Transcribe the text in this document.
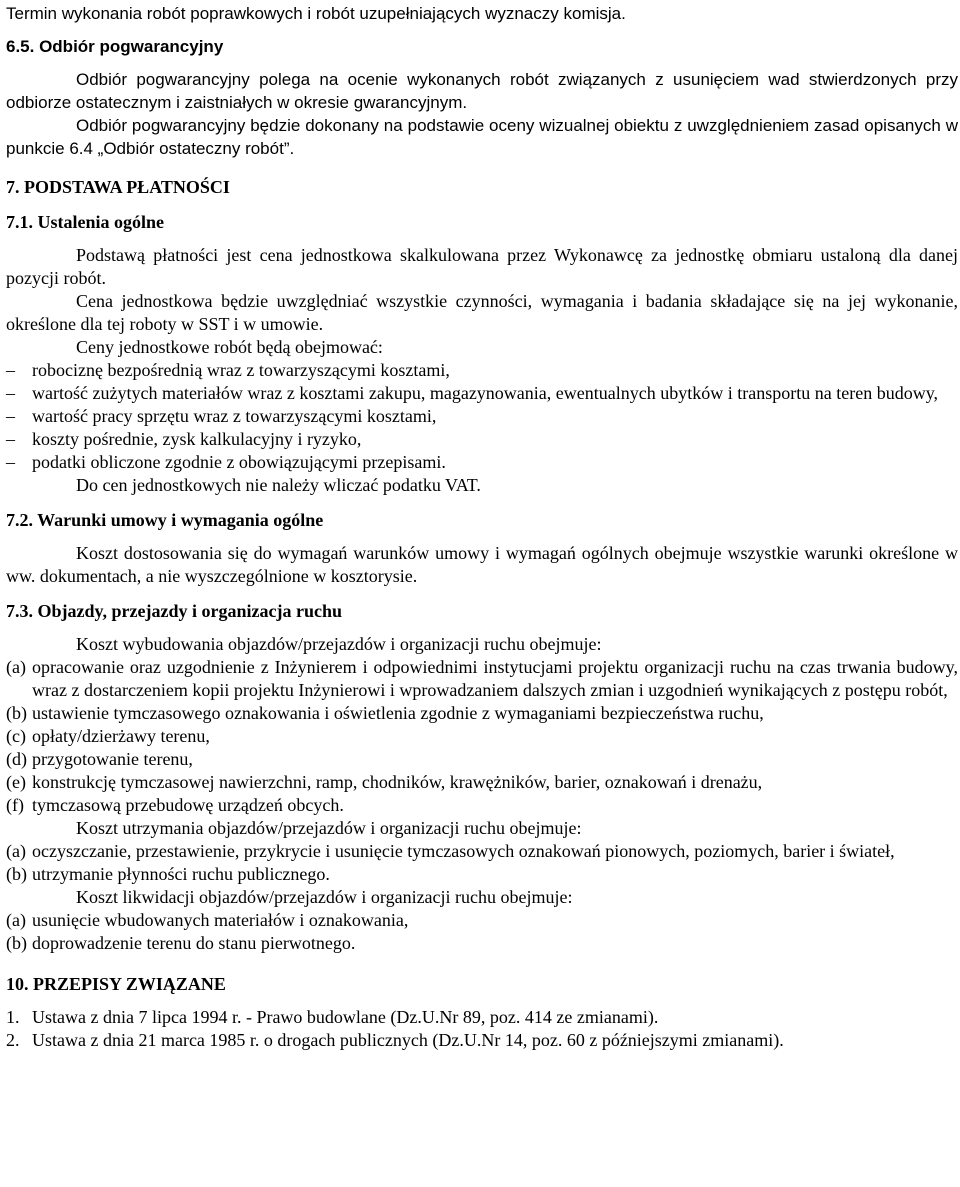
Termin wykonania robót poprawkowych i robót uzupełniających wyznaczy komisja.

6.5. Odbiór pogwarancyjny

Odbiór pogwarancyjny polega na ocenie wykonanych robót związanych z usunięciem wad stwierdzonych przy odbiorze ostatecznym i zaistniałych w okresie gwarancyjnym.

Odbiór pogwarancyjny będzie dokonany na podstawie oceny wizualnej obiektu z uwzględnieniem zasad opisanych w punkcie 6.4 „Odbiór ostateczny robót”.

7. PODSTAWA PŁATNOŚCI

7.1. Ustalenia ogólne

Podstawą płatności jest cena jednostkowa skalkulowana przez Wykonawcę za jednostkę obmiaru ustaloną dla danej pozycji robót.

Cena jednostkowa będzie uwzględniać wszystkie czynności, wymagania i badania składające się na jej wykonanie, określone dla tej roboty w SST i w umowie.

Ceny jednostkowe robót będą obejmować:

– robociznę bezpośrednią wraz z towarzyszącymi kosztami,

– wartość zużytych materiałów wraz z kosztami zakupu, magazynowania, ewentualnych ubytków i transportu na teren budowy,

– wartość pracy sprzętu wraz z towarzyszącymi kosztami,

– koszty pośrednie, zysk kalkulacyjny i ryzyko,

– podatki obliczone zgodnie z obowiązującymi przepisami.

Do cen jednostkowych nie należy wliczać podatku VAT.

7.2. Warunki umowy i wymagania ogólne

Koszt dostosowania się do wymagań warunków umowy i wymagań ogólnych obejmuje wszystkie warunki określone w ww. dokumentach, a nie wyszczególnione w kosztorysie.

7.3. Objazdy, przejazdy i organizacja ruchu

Koszt wybudowania objazdów/przejazdów i organizacji ruchu obejmuje:

(a) opracowanie oraz uzgodnienie z Inżynierem i odpowiednimi instytucjami projektu organizacji ruchu na czas trwania budowy, wraz z dostarczeniem kopii projektu Inżynierowi i wprowadzaniem dalszych zmian i uzgodnień wynikających z postępu robót,

(b) ustawienie tymczasowego oznakowania i oświetlenia zgodnie z wymaganiami bezpieczeństwa ruchu,

(c) opłaty/dzierżawy terenu,

(d) przygotowanie terenu,

(e) konstrukcję tymczasowej nawierzchni, ramp, chodników, krawężników, barier, oznakowań i drenażu,

(f) tymczasową przebudowę urządzeń obcych.

Koszt utrzymania objazdów/przejazdów i organizacji ruchu obejmuje:

(a) oczyszczanie, przestawienie, przykrycie i usunięcie tymczasowych oznakowań pionowych, poziomych, barier i świateł,

(b) utrzymanie płynności ruchu publicznego.

Koszt likwidacji objazdów/przejazdów i organizacji ruchu obejmuje:

(a) usunięcie wbudowanych materiałów i oznakowania,

(b) doprowadzenie terenu do stanu pierwotnego.

10. PRZEPISY ZWIĄZANE

1. Ustawa z dnia 7 lipca 1994 r. - Prawo budowlane (Dz.U.Nr 89, poz. 414 ze zmianami).

2. Ustawa z dnia 21 marca 1985 r. o drogach publicznych (Dz.U.Nr 14, poz. 60 z późniejszymi zmianami).
